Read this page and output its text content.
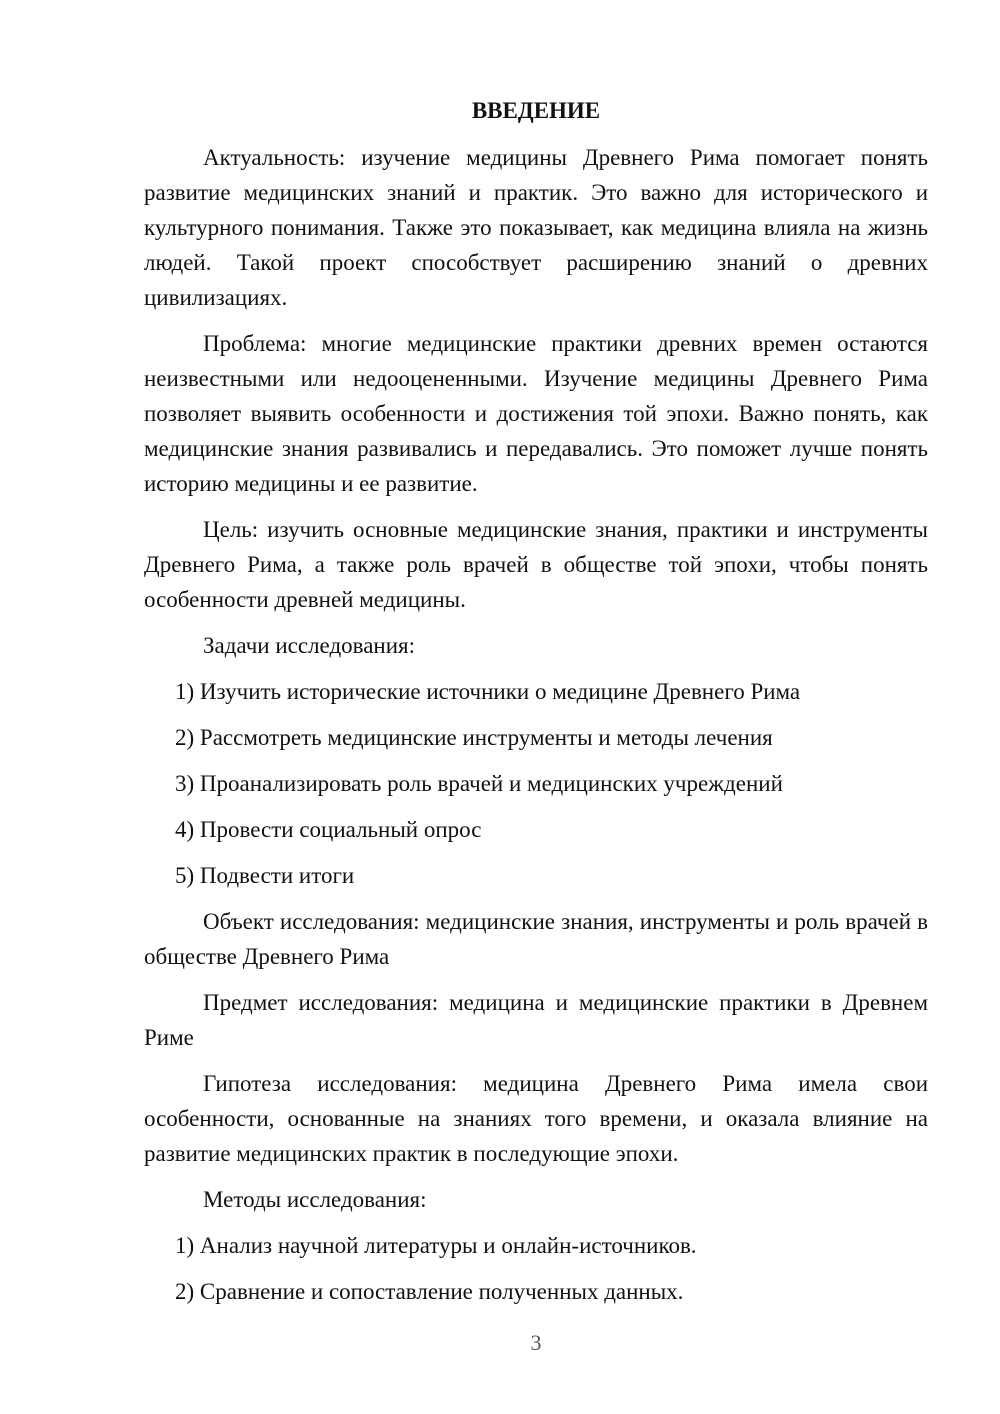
ВВЕДЕНИЕ

Актуальность: изучение медицины Древнего Рима помогает понять развитие медицинских знаний и практик. Это важно для исторического и культурного понимания. Также это показывает, как медицина влияла на жизнь людей. Такой проект способствует расширению знаний о древних цивилизациях.

Проблема: многие медицинские практики древних времен остаются неизвестными или недооцененными. Изучение медицины Древнего Рима позволяет выявить особенности и достижения той эпохи. Важно понять, как медицинские знания развивались и передавались. Это поможет лучше понять историю медицины и ее развитие.

Цель: изучить основные медицинские знания, практики и инструменты Древнего Рима, а также роль врачей в обществе той эпохи, чтобы понять особенности древней медицины.

Задачи исследования:

1) Изучить исторические источники о медицине Древнего Рима

2) Рассмотреть медицинские инструменты и методы лечения

3) Проанализировать роль врачей и медицинских учреждений

4) Провести социальный опрос

5) Подвести итоги

Объект исследования: медицинские знания, инструменты и роль врачей в обществе Древнего Рима

Предмет исследования: медицина и медицинские практики в Древнем Риме

Гипотеза исследования: медицина Древнего Рима имела свои особенности, основанные на знаниях того времени, и оказала влияние на развитие медицинских практик в последующие эпохи.

Методы исследования:

1) Анализ научной литературы и онлайн-источников.

2) Сравнение и сопоставление полученных данных.

3
